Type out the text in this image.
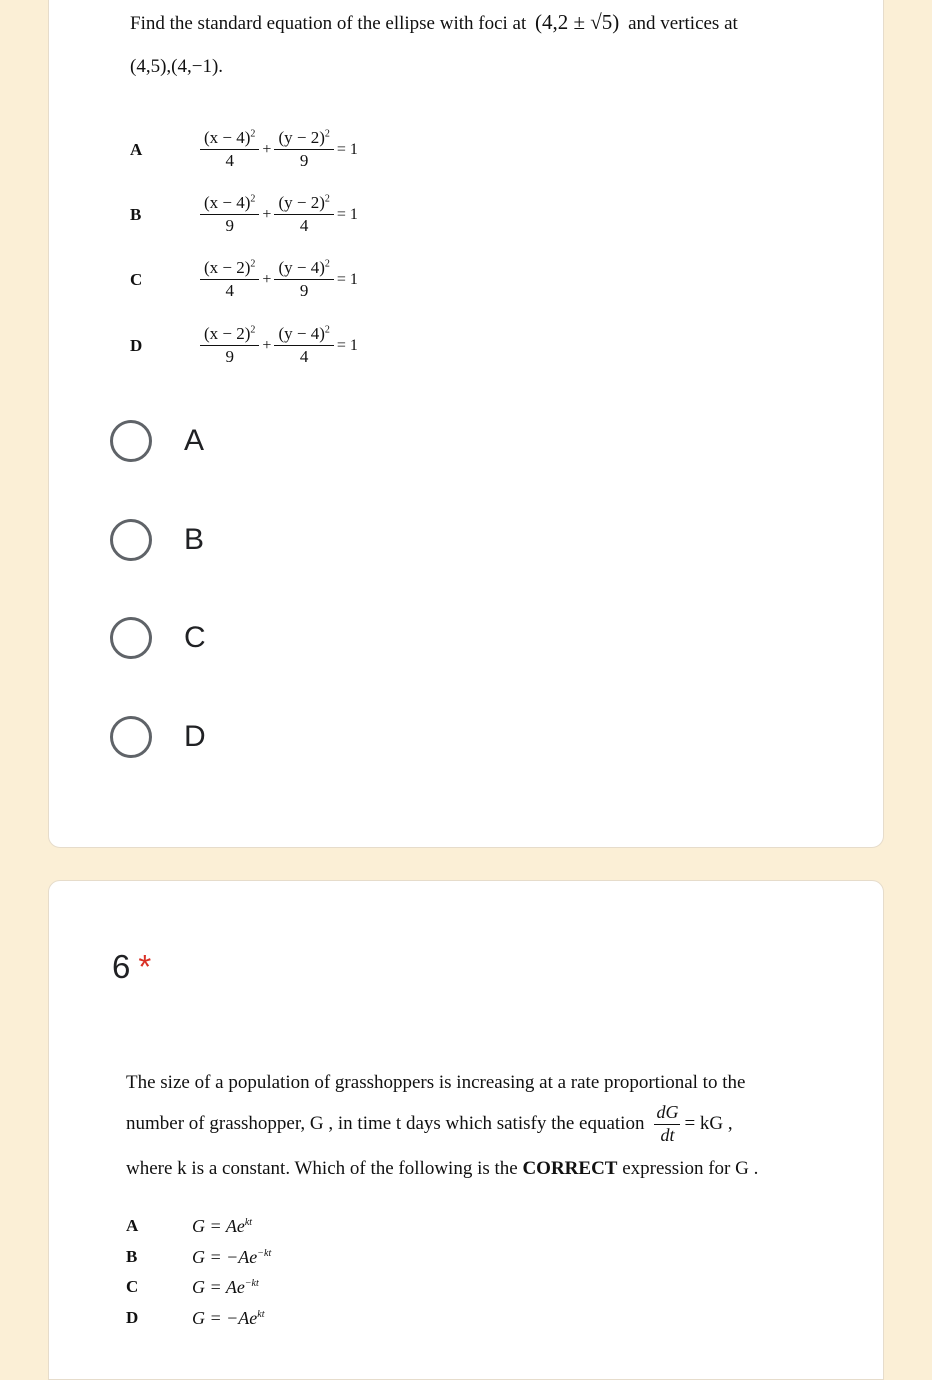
Find the standard equation of the ellipse with foci at (4,2 ± √5) and vertices at
(4,5),(4,−1).
A	$\frac{(x - 4)^2}{4} + \frac{(y - 2)^2}{9} = 1$
B	$\frac{(x - 4)^2}{9} + \frac{(y - 2)^2}{4} = 1$
C	$\frac{(x - 2)^2}{4} + \frac{(y - 4)^2}{9} = 1$
D	$\frac{(x - 2)^2}{9} + \frac{(y - 4)^2}{4} = 1$
A
B
C
D
6 *
The size of a population of grasshoppers is increasing at a rate proportional to the
number of grasshopper, G , in time t days which satisfy the equation $\frac{dG}{dt}$ = kG ,
where k is a constant. Which of the following is the CORRECT expression for G .
A	$G = Ae^{kt}$
B	$G = -Ae^{-kt}$
C	$G = Ae^{-kt}$
D	$G = -Ae^{kt}$
